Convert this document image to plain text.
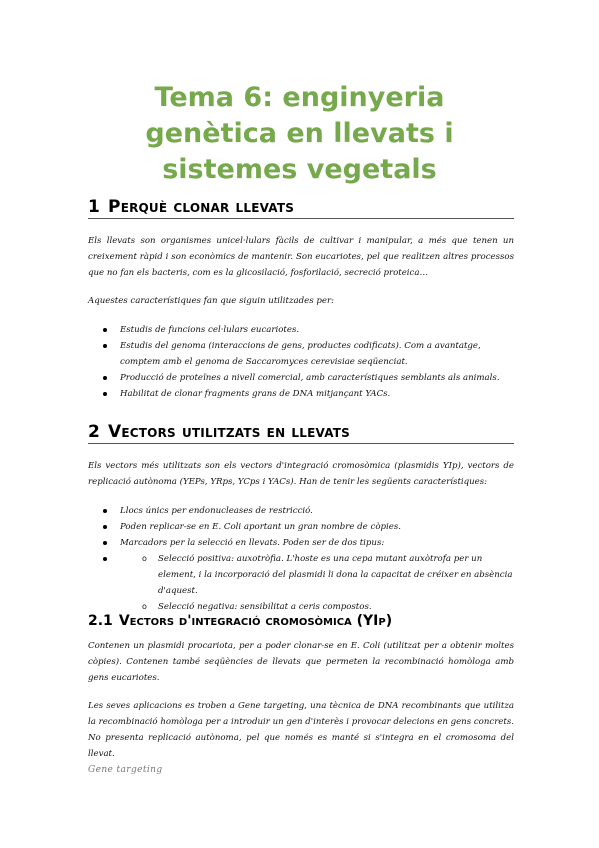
Tema 6: enginyeria
genètica en llevats i
sistemes vegetals
1 Perquè clonar llevats

Els llevats son organismes unicel·lulars fàcils de cultivar i manipular, a més que tenen un creixement ràpid i son econòmics de mantenir. Son eucariotes, pel que realitzen altres processos que no fan els bacteris, com es la glicosilació, fosforilació, secreció proteica…

Aquestes característiques fan que siguin utilitzades per:

Estudis de funcions cel·lulars eucariotes.
Estudis del genoma (interaccions de gens, productes codificats). Com a avantatge, comptem amb el genoma de Saccaromyces cerevisiae seqüenciat.
Producció de proteïnes a nivell comercial, amb característiques semblants als animals.
Habilitat de clonar fragments grans de DNA mitjançant YACs.
2 Vectors utilitzats en llevats

Els vectors més utilitzats son els vectors d'integració cromosòmica (plasmidis YIp), vectors de replicació autònoma (YEPs, YRps, YCps i YACs). Han de tenir les següents característiques:

Llocs únics per endonucleases de restricció.
Poden replicar-se en E. Coli aportant un gran nombre de còpies.
Marcadors per la selecció en llevats. Poden ser de dos tipus:
o Selecció positiva: auxotròfia. L'hoste es una cepa mutant auxòtrofa per un element, i la incorporació del plasmidi li dona la capacitat de créixer en absència d'aquest.
o Selecció negativa: sensibilitat a ceris compostos.
2.1 Vectors d'integració cromosòmica (YIp)

Contenen un plasmidi procariota, per a poder clonar-se en E. Coli (utilitzat per a obtenir moltes còpies). Contenen també seqüències de llevats que permeten la recombinació homòloga amb gens eucariotes.

Les seves aplicacions es troben a Gene targeting, una tècnica de DNA recombinants que utilitza la recombinació homòloga per a introduir un gen d'interès i provocar delecions en gens concrets. No presenta replicació autònoma, pel que només es manté si s'integra en el cromosoma del llevat.

Gene targeting
